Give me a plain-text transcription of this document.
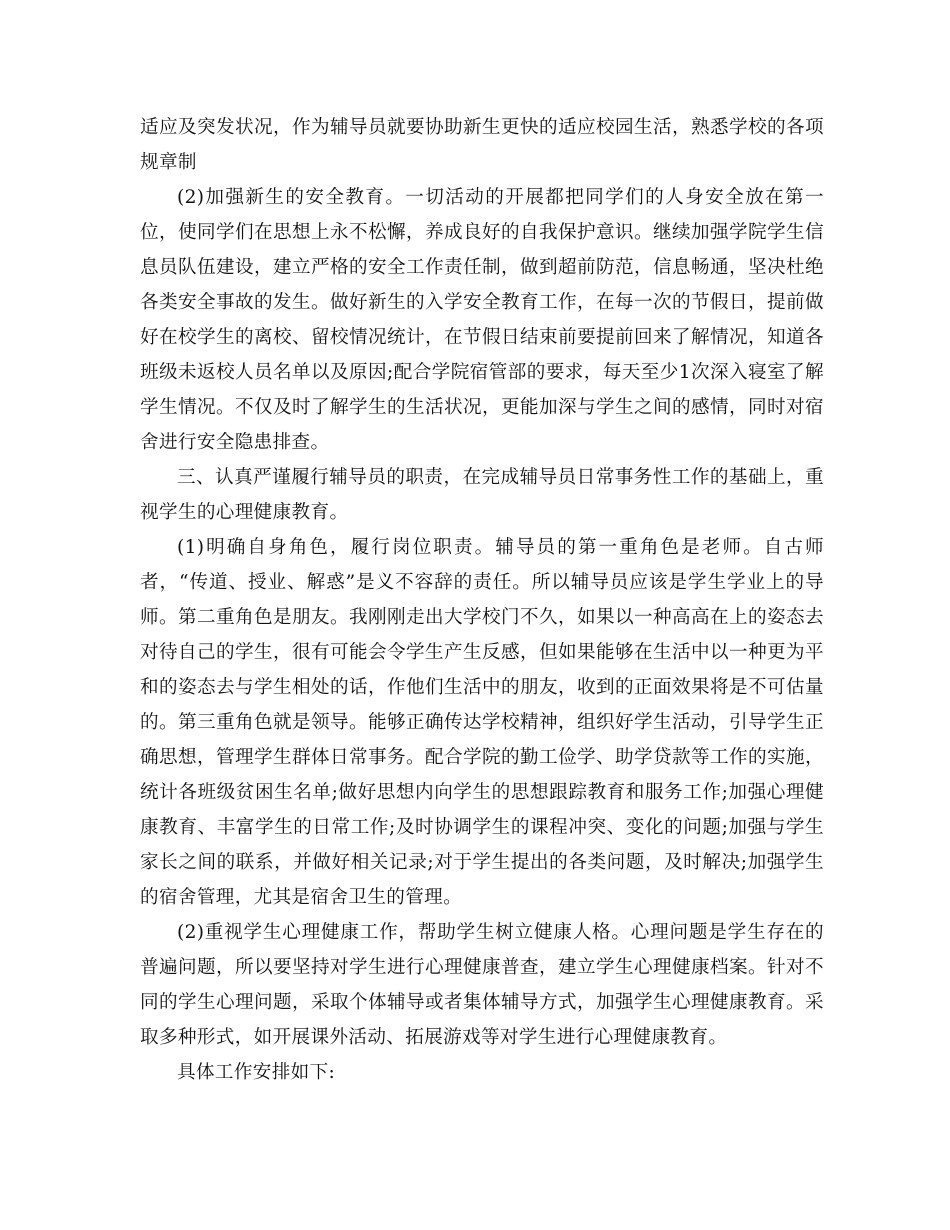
适应及突发状况，作为辅导员就要协助新生更快的适应校园生活，熟悉学校的各项规章制

(2)加强新生的安全教育。一切活动的开展都把同学们的人身安全放在第一位，使同学们在思想上永不松懈，养成良好的自我保护意识。继续加强学院学生信息员队伍建设，建立严格的安全工作责任制，做到超前防范，信息畅通，坚决杜绝各类安全事故的发生。做好新生的入学安全教育工作，在每一次的节假日，提前做好在校学生的离校、留校情况统计，在节假日结束前要提前回来了解情况，知道各班级未返校人员名单以及原因;配合学院宿管部的要求，每天至少1次深入寝室了解学生情况。不仅及时了解学生的生活状况，更能加深与学生之间的感情，同时对宿舍进行安全隐患排查。

三、认真严谨履行辅导员的职责，在完成辅导员日常事务性工作的基础上，重视学生的心理健康教育。

(1)明确自身角色，履行岗位职责。辅导员的第一重角色是老师。自古师者，“传道、授业、解惑”是义不容辞的责任。所以辅导员应该是学生学业上的导师。第二重角色是朋友。我刚刚走出大学校门不久，如果以一种高高在上的姿态去对待自己的学生，很有可能会令学生产生反感，但如果能够在生活中以一种更为平和的姿态去与学生相处的话，作他们生活中的朋友，收到的正面效果将是不可估量的。第三重角色就是领导。能够正确传达学校精神，组织好学生活动，引导学生正确思想，管理学生群体日常事务。配合学院的勤工俭学、助学贷款等工作的实施，统计各班级贫困生名单;做好思想内向学生的思想跟踪教育和服务工作;加强心理健康教育、丰富学生的日常工作;及时协调学生的课程冲突、变化的问题;加强与学生家长之间的联系，并做好相关记录;对于学生提出的各类问题，及时解决;加强学生的宿舍管理，尤其是宿舍卫生的管理。

(2)重视学生心理健康工作，帮助学生树立健康人格。心理问题是学生存在的普遍问题，所以要坚持对学生进行心理健康普查，建立学生心理健康档案。针对不同的学生心理问题，采取个体辅导或者集体辅导方式，加强学生心理健康教育。采取多种形式，如开展课外活动、拓展游戏等对学生进行心理健康教育。

具体工作安排如下:
